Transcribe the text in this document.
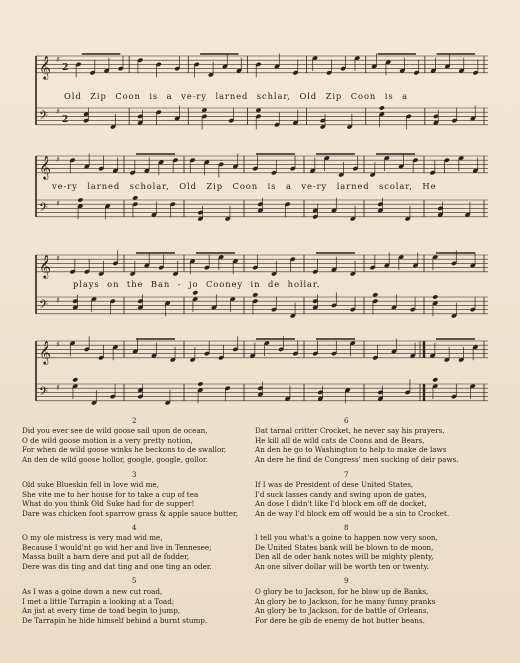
𝄞 ♯
2
𝄢 ♯
2
𝄞 ♯
𝄢 ♯
𝄞 ♯
𝄢 ♯
𝄞 ♯
𝄢 ♯
Old Zip Coon is a ve-ry larned schlar, Old Zip Coon is a
ve-ry larned scholar, Old Zip Coon is a ve-ry larned scolar, He
plays on the Ban - jo Cooney in de hollar.
2
3
4
5
6
7
8
9
Did you ever see de wild goose sail upon de ocean,
O de wild goose motion is a very pretty notion,
For when de wild goose winks he beckons to de swallor,
An den de wild goose hollor, google, google, gollor.
Old suke Blueskin fell in love wid me,
She vite me to her house for to take a cup of tea
What do you think Old Suke had for de supper!
Dare was chicken foot sparrow grass & apple sauce butter,
O my ole mistress is very mad wid me,
Because I would'nt go wid her and live in Tennesee;
Massa built a barn dere and put all de fodder,
Dere was dis ting and dat ting and one ting an oder.
As I was a goine down a new cut road,
I met a little Tarrapin a looking at a Toad;
An jist at every time de toad begin to jump,
De Tarrapin he hide himself behind a burnt stump.
Dat tarnal critter Crocket, he never say his prayers,
He kill all de wild cats de Coons and de Bears,
An den he go to Washington to help to make de laws
An dere he find de Congress' men sucking of deir paws.
If I was de President of dese United States,
I'd suck lasses candy and swing upon de gates,
An dose I didn't like I'd block em off de docket,
An de way I'd block em off would be a sin to Crocket.
I tell you what's a goine to happen now very soon,
De United States bank will be blown to de moon,
Den all de oder bank notes will be mighty plenty,
An one silver dollar will be worth ten or twenty.
O glory be to Jackson, for he blow up de Banks,
An glory be to Jackson, for he many funny pranks
An glory be to Jackson, for de battle of Orleans,
For dere he gib de enemy de hot butter beans.
